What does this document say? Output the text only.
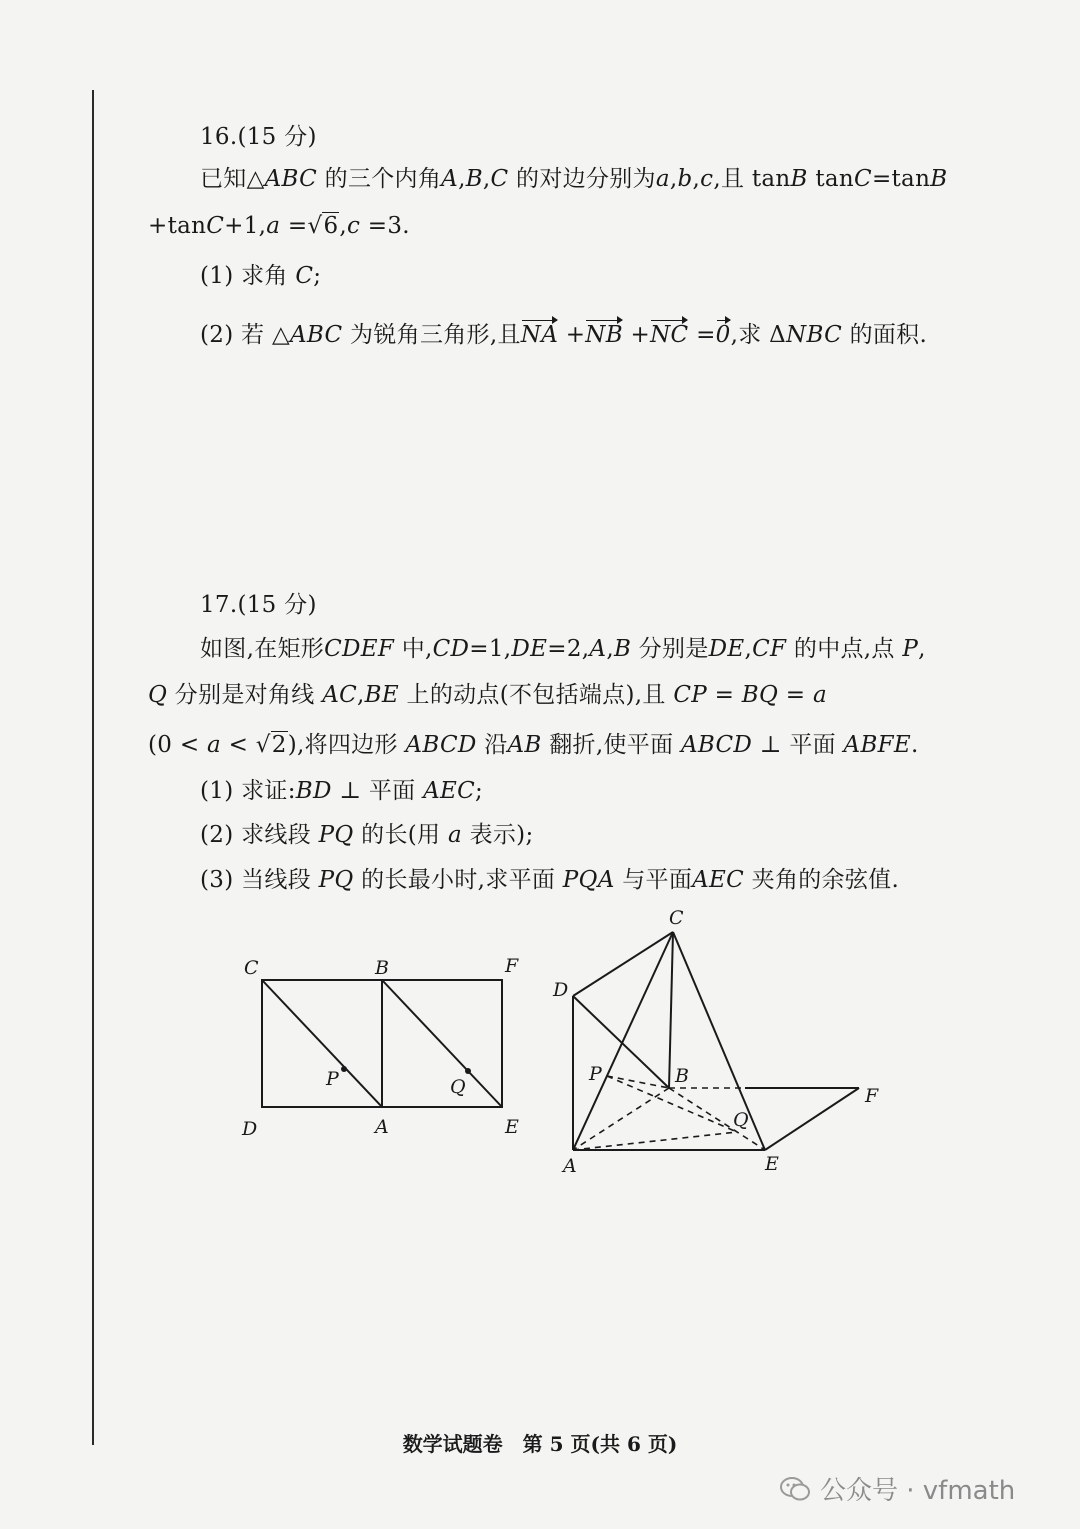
16.(15 分)
已知△ABC 的三个内角A,B,C 的对边分别为a,b,c,且 tanB tanC=tanB
+tanC+1,a =√6,c =3.
(1) 求角 C;
(2) 若 △ABC 为锐角三角形,且NA +NB +NC =0,求 ΔNBC 的面积.
17.(15 分)
如图,在矩形CDEF 中,CD=1,DE=2,A,B 分别是DE,CF 的中点,点 P,
Q 分别是对角线 AC,BE 上的动点(不包括端点),且 CP = BQ = a
(0 < a < √2),将四边形 ABCD 沿AB 翻折,使平面 ABCD ⊥ 平面 ABFE.
(1) 求证:BD ⊥ 平面 AEC;
(2) 求线段 PQ 的长(用 a 表示);
(3) 当线段 PQ 的长最小时,求平面 PQA 与平面AEC 夹角的余弦值.
C	B	F
D	A	E
P	Q
C
D
P	B
F
Q
A	E
数学试题卷　第 5 页(共 6 页)
公众号 · vfmath
